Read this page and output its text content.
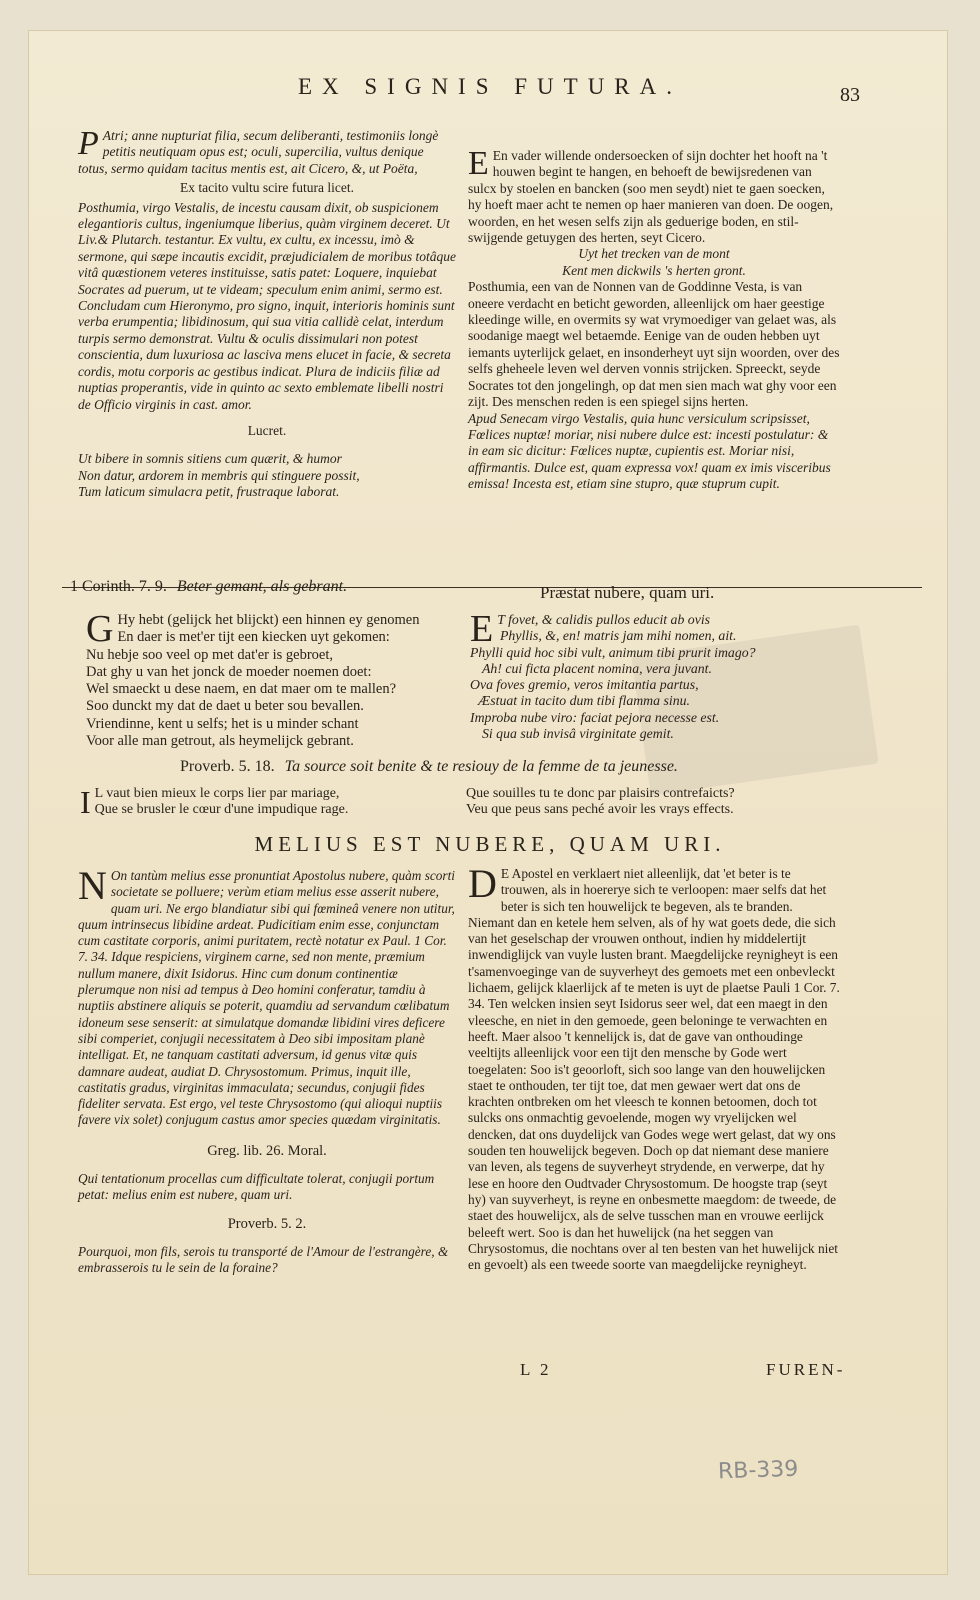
EX SIGNIS FUTURA.	83

P Atri; anne nupturiat filia, secum deliberanti, testimoniis longè petitis neutiquam opus est; oculi, supercilia, vultus denique totus, sermo quidam tacitus mentis est, ait Cicero, &, ut Poëta,

Ex tacito vultu scire futura licet.

Posthumia, virgo Vestalis, de incestu causam dixit, ob suspicionem elegantioris cultus, ingeniumque liberius, quàm virginem deceret. Ut Liv.& Plutarch. testantur. Ex vultu, ex cultu, ex incessu, imò & sermone, qui sæpe incautis excidit, præjudicialem de moribus totâque vitâ quæstionem veteres instituisse, satis patet: Loquere, inquiebat Socrates ad puerum, ut te videam; speculum enim animi, sermo est. Concludam cum Hieronymo, pro signo, inquit, interioris hominis sunt verba erumpentia; libidinosum, qui sua vitia callidè celat, interdum turpis sermo demonstrat. Vultu & oculis dissimulari non potest conscientia, dum luxuriosa ac lasciva mens elucet in facie, & secreta cordis, motu corporis ac gestibus indicat. Plura de indiciis filiæ ad nuptias properantis, vide in quinto ac sexto emblemate libelli nostri de Officio virginis in cast. amor.

Lucret.

Ut bibere in somnis sitiens cum quærit, & humor

Non datur, ardorem in membris qui stinguere possit,

Tum laticum simulacra petit, frustraque laborat.

E En vader willende ondersoecken of sijn dochter het hooft na 't houwen begint te hangen, en behoeft de bewijsredenen van sulcx by stoelen en bancken (soo men seydt) niet te gaen soecken, hy hoeft maer acht te nemen op haer manieren van doen. De oogen, woorden, en het wesen selfs zijn als geduerige boden, en stil-swijgende getuygen des herten, seyt Cicero.

Uyt het trecken van de mont

Kent men dickwils 's herten gront.

Posthumia, een van de Nonnen van de Goddinne Vesta, is van oneere verdacht en beticht geworden, alleenlijck om haer geestige kleedinge wille, en overmits sy wat vrymoediger van gelaet was, als soodanige maegt wel betaemde. Eenige van de ouden hebben uyt iemants uyterlijck gelaet, en insonderheyt uyt sijn woorden, over des selfs gheheele leven wel derven vonnis strijcken. Spreeckt, seyde Socrates tot den jongelingh, op dat men sien mach wat ghy voor een zijt. Des menschen reden is een spiegel sijns herten.

Apud Senecam virgo Vestalis, quia hunc versiculum scripsisset, Fœlices nuptæ! moriar, nisi nubere dulce est: incesti postulatur: & in eam sic dicitur: Fœlices nuptæ, cupientis est. Moriar nisi, affirmantis. Dulce est, quam expressa vox! quam ex imis visceribus emissa! Incesta est, etiam sine stupro, quæ stuprum cupit.

1 Corinth. 7. 9. Beter gemant, als gebrant.	Præstat nubere, quam uri.

G Hy hebt (gelijck het blijckt) een hinnen ey genomen

En daer is met'er tijt een kiecken uyt gekomen:

Nu hebje soo veel op met dat'er is gebroet,

Dat ghy u van het jonck de moeder noemen doet:

Wel smaeckt u dese naem, en dat maer om te mallen?

Soo dunckt my dat de daet u beter sou bevallen.

Vriendinne, kent u selfs; het is u minder schant

Voor alle man getrout, als heymelijck gebrant.

E T fovet, & calidis pullos educit ab ovis

Phyllis, &, en! matris jam mihi nomen, ait.

Phylli quid hoc sibi vult, animum tibi prurit imago?

Ah! cui ficta placent nomina, vera juvant.

Ova foves gremio, veros imitantia partus,

Æstuat in tacito dum tibi flamma sinu.

Improba nube viro: faciat pejora necesse est.

Si qua sub invisâ virginitate gemit.

Proverb. 5. 18. Ta source soit benite & te resiouy de la femme de ta jeunesse.

I L vaut bien mieux le corps lier par mariage,

Que se brusler le cœur d'une impudique rage.

Que souilles tu te donc par plaisirs contrefaicts?

Veu que peus sans peché avoir les vrays effects.

MELIUS EST NUBERE, QUAM URI.

N On tantùm melius esse pronuntiat Apostolus nubere, quàm scorti societate se polluere; verùm etiam melius esse asserit nubere, quam uri. Ne ergo blandiatur sibi qui fœmineâ venere non utitur, quum intrinsecus libidine ardeat. Pudicitiam enim esse, conjunctam cum castitate corporis, animi puritatem, rectè notatur ex Paul. 1 Cor. 7. 34. Idque respiciens, virginem carne, sed non mente, præmium nullum manere, dixit Isidorus. Hinc cum donum continentiæ plerumque non nisi ad tempus à Deo homini conferatur, tamdiu à nuptiis abstinere aliquis se poterit, quamdiu ad servandum cœlibatum idoneum sese senserit: at simulatque domandæ libidini vires deficere sibi comperiet, conjugii necessitatem à Deo sibi impositam planè intelligat. Et, ne tanquam castitati adversum, id genus vitæ quis damnare audeat, audiat D. Chrysostomum. Primus, inquit ille, castitatis gradus, virginitas immaculata; secundus, conjugii fides fideliter servata. Est ergo, vel teste Chrysostomo (qui alioqui nuptiis favere vix solet) conjugum castus amor species quædam virginitatis.

Greg. lib. 26. Moral.

Qui tentationum procellas cum difficultate tolerat, conjugii portum petat: melius enim est nubere, quam uri.

Proverb. 5. 2.

Pourquoi, mon fils, serois tu transporté de l'Amour de l'estrangère, & embrasserois tu le sein de la foraine?

D E Apostel en verklaert niet alleenlijk, dat 'et beter is te trouwen, als in hoererye sich te verloopen: maer selfs dat het beter is sich ten houwelijck te begeven, als te branden. Niemant dan en ketele hem selven, als of hy wat goets dede, die sich van het geselschap der vrouwen onthout, indien hy middelertijt inwendiglijck van vuyle lusten brant. Maegdelijcke reynigheyt is een t'samenvoeginge van de suyverheyt des gemoets met een onbevleckt lichaem, gelijck klaerlijck af te meten is uyt de plaetse Pauli 1 Cor. 7. 34. Ten welcken insien seyt Isidorus seer wel, dat een maegt in den vleesche, en niet in den gemoede, geen beloninge te verwachten en heeft. Maer alsoo 't kennelijck is, dat de gave van onthoudinge veeltijts alleenlijck voor een tijt den mensche by Gode wert toegelaten: Soo is't geoorloft, sich soo lange van den houwelijcken staet te onthouden, ter tijt toe, dat men gewaer wert dat ons de krachten ontbreken om het vleesch te konnen betoomen, doch tot sulcks ons onmachtig gevoelende, mogen wy vryelijcken wel dencken, dat ons duydelijck van Godes wege wert gelast, dat wy ons souden ten houwelijck begeven. Doch op dat niemant dese maniere van leven, als tegens de suyverheyt strydende, en verwerpe, dat hy lese en hoore den Oudtvader Chrysostomum. De hoogste trap (seyt hy) van suyverheyt, is reyne en onbesmette maegdom: de tweede, de staet des houwelijcx, als de selve tusschen man en vrouwe eerlijck beleeft wert. Soo is dan het huwelijck (na het seggen van Chrysostomus, die nochtans over al ten besten van het huwelijck niet en gevoelt) als een tweede soorte van maegdelijcke reynigheyt.

L 2	FUREN-
RB-339
